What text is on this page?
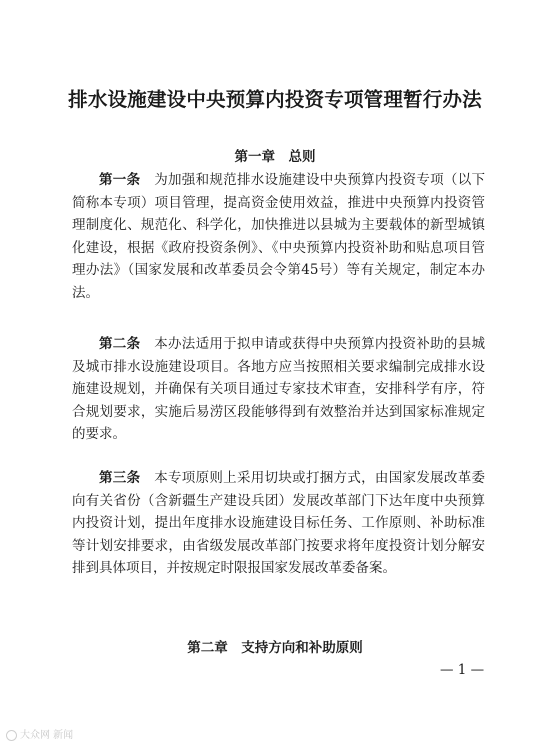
排水设施建设中央预算内投资专项管理暂行办法
第一章　总则

第一条　 为加强和规范排水设施建设中央预算内投资专项（以下简称本专项）项目管理，提高资金使用效益，推进中央预算内投资管理制度化、规范化、科学化，加快推进以县城为主要载体的新型城镇化建设，根据《政府投资条例》、《中央预算内投资补助和贴息项目管理办法》（国家发展和改革委员会令第45号）等有关规定，制定本办法。

第二条　 本办法适用于拟申请或获得中央预算内投资补助的县城及城市排水设施建设项目。各地方应当按照相关要求编制完成排水设施建设规划，并确保有关项目通过专家技术审查，安排科学有序，符合规划要求，实施后易涝区段能够得到有效整治并达到国家标准规定的要求。

第三条　 本专项原则上采用切块或打捆方式，由国家发展改革委向有关省份（含新疆生产建设兵团）发展改革部门下达年度中央预算内投资计划，提出年度排水设施建设目标任务、工作原则、补助标准等计划安排要求，由省级发展改革部门按要求将年度投资计划分解安排到具体项目，并按规定时限报国家发展改革委备案。

第二章　支持方向和补助原则
— 1 —
大众网 新闻
